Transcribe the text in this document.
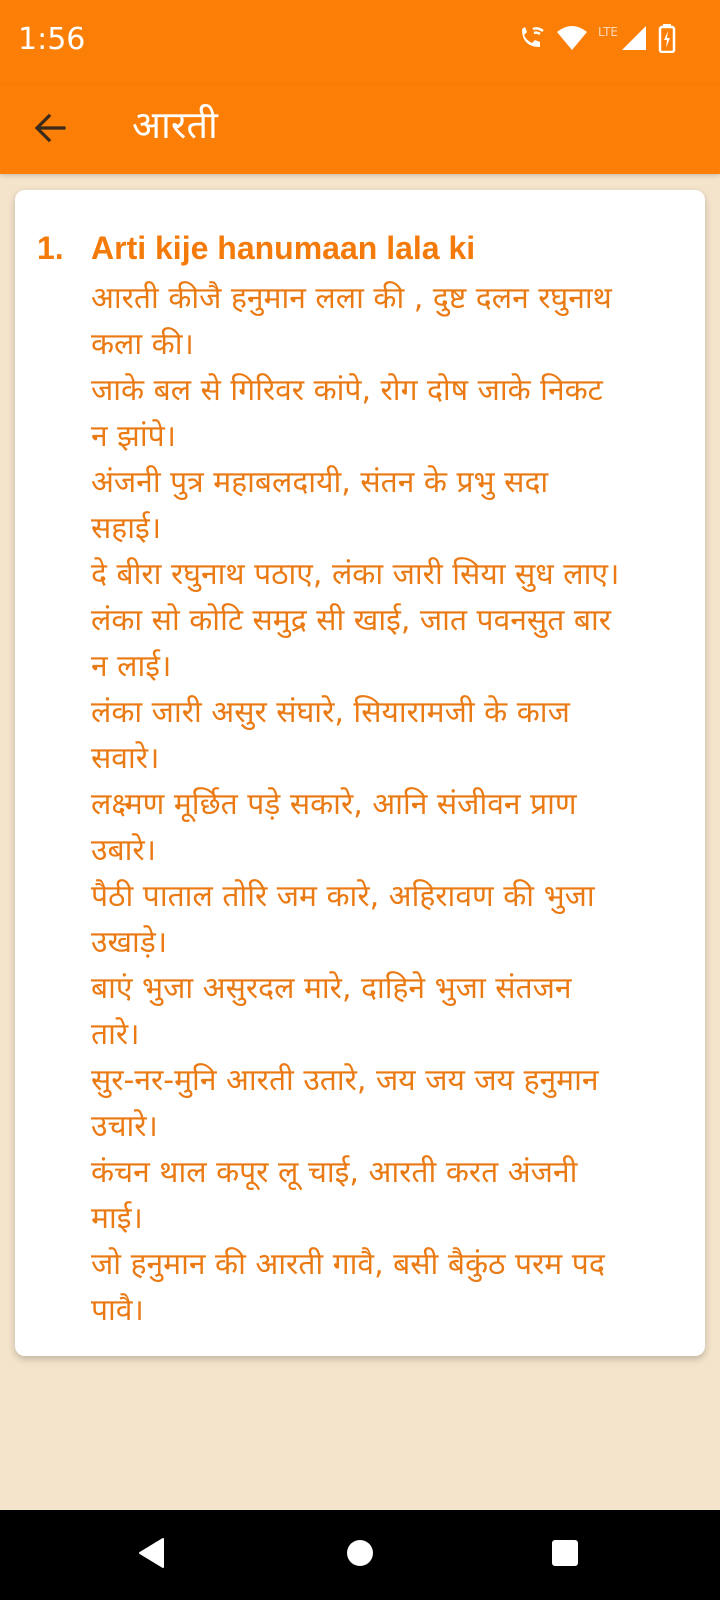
1:56	LTE
आरती
1. Arti kije hanumaan lala ki
आरती कीजै हनुमान लला की , दुष्ट दलन रघुनाथ
कला की।
जाके बल से गिरिवर कांपे, रोग दोष जाके निकट
न झांपे।
अंजनी पुत्र महाबलदायी, संतन के प्रभु सदा
सहाई।
दे बीरा रघुनाथ पठाए, लंका जारी सिया सुध लाए।
लंका सो कोटि समुद्र सी खाई, जात पवनसुत बार
न लाई।
लंका जारी असुर संघारे, सियारामजी के काज
सवारे।
लक्ष्मण मूर्छित पड़े सकारे, आनि संजीवन प्राण
उबारे।
पैठी पाताल तोरि जम कारे, अहिरावण की भुजा
उखाड़े।
बाएं भुजा असुरदल मारे, दाहिने भुजा संतजन
तारे।
सुर-नर-मुनि आरती उतारे, जय जय जय हनुमान
उचारे।
कंचन थाल कपूर लू चाई, आरती करत अंजनी
माई।
जो हनुमान की आरती गावै, बसी बैकुंठ परम पद
पावै।
